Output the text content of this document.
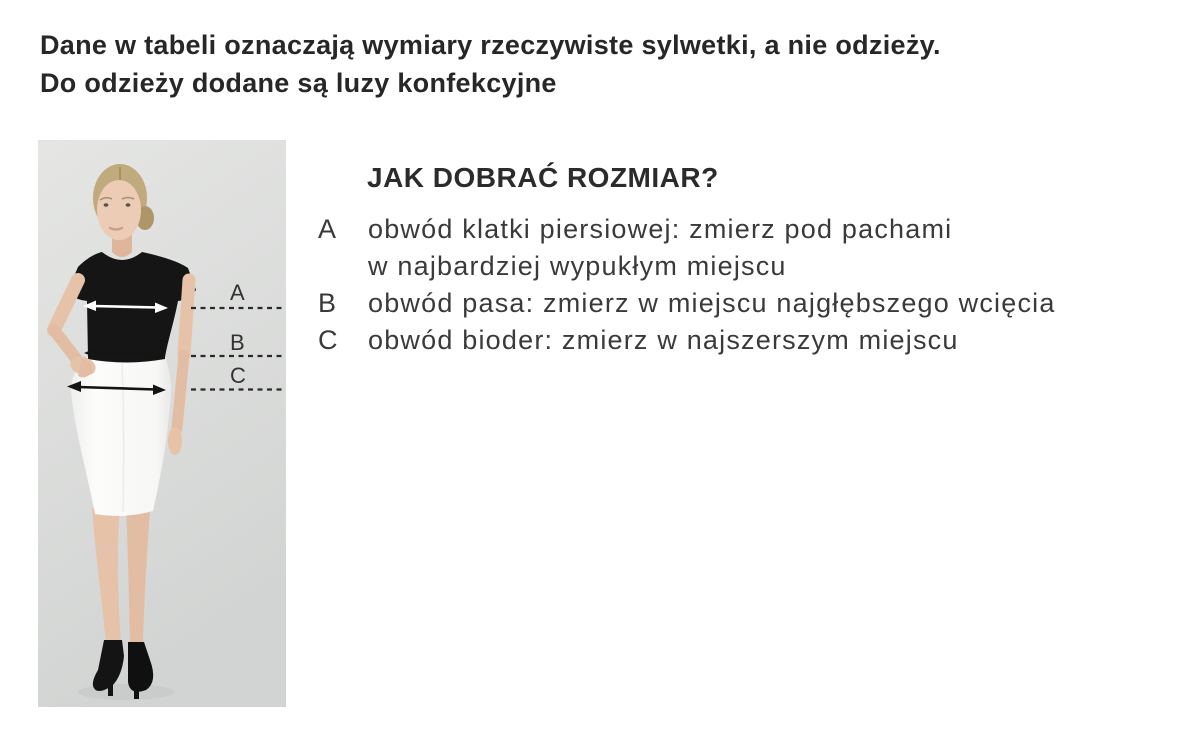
Dane w tabeli oznaczają wymiary rzeczywiste sylwetki, a nie odzieży.
Do odzieży dodane są luzy konfekcyjne
A
B
C
JAK DOBRAĆ ROZMIAR?
A	obwód klatki piersiowej: zmierz pod pachami
w najbardziej wypukłym miejscu
B	obwód pasa: zmierz w miejscu najgłębszego wcięcia
C	obwód bioder: zmierz w najszerszym miejscu
